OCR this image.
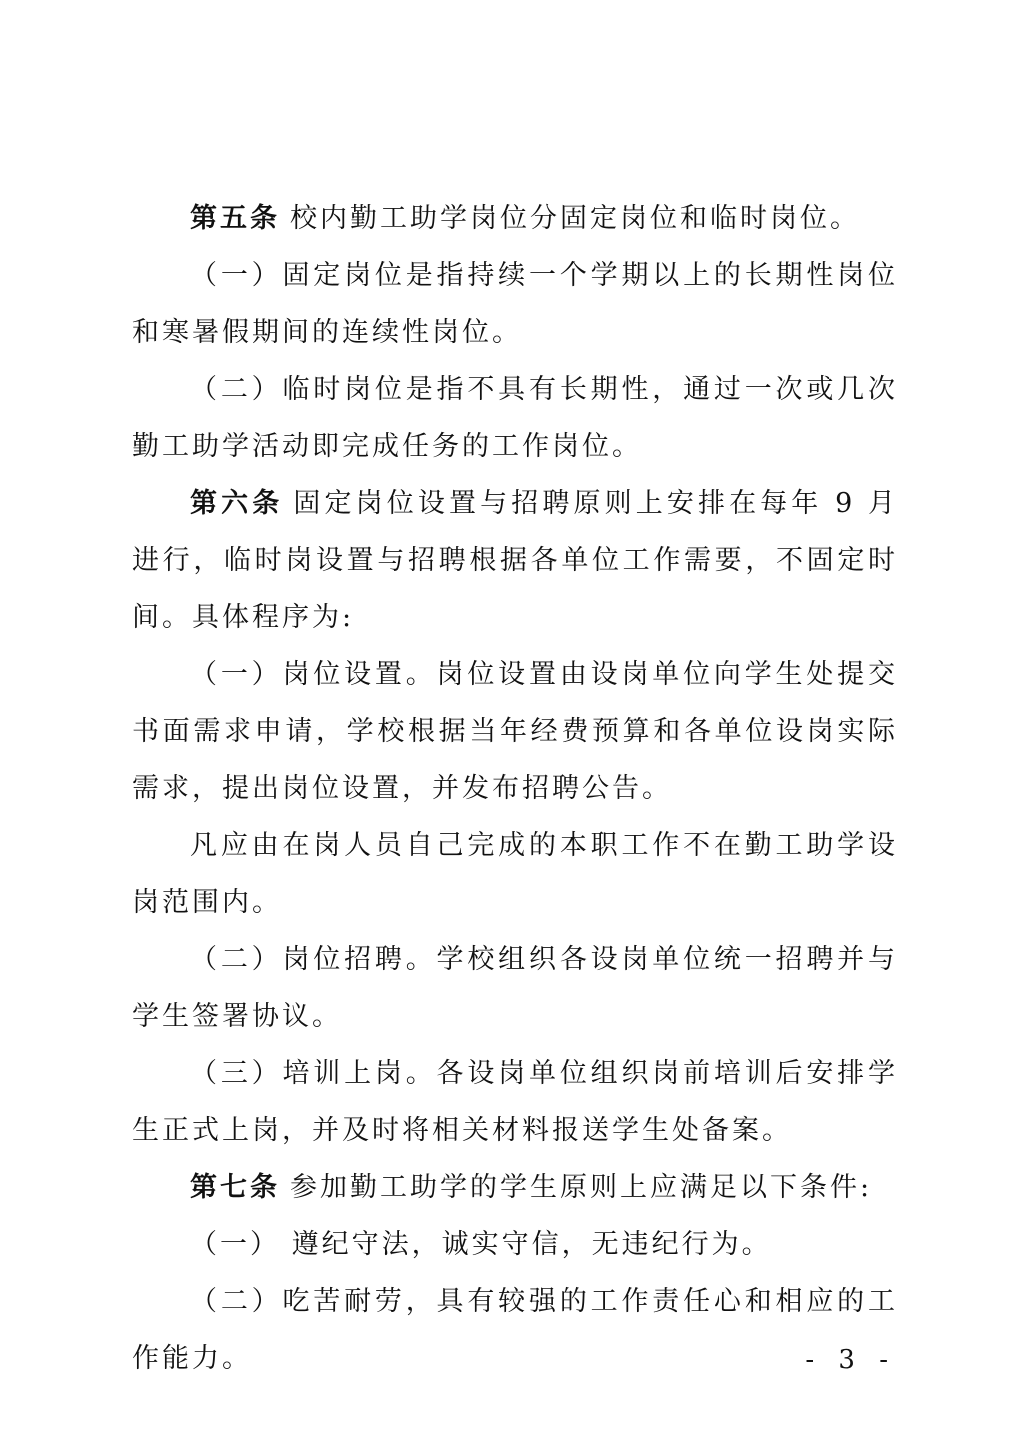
第五条 校内勤工助学岗位分固定岗位和临时岗位。

（一）固定岗位是指持续一个学期以上的长期性岗位和寒暑假期间的连续性岗位。

（二）临时岗位是指不具有长期性，通过一次或几次勤工助学活动即完成任务的工作岗位。

第六条 固定岗位设置与招聘原则上安排在每年 9 月进行，临时岗设置与招聘根据各单位工作需要，不固定时间。具体程序为:

（一）岗位设置。岗位设置由设岗单位向学生处提交书面需求申请，学校根据当年经费预算和各单位设岗实际需求，提出岗位设置，并发布招聘公告。

凡应由在岗人员自己完成的本职工作不在勤工助学设岗范围内。

（二）岗位招聘。学校组织各设岗单位统一招聘并与学生签署协议。

（三）培训上岗。各设岗单位组织岗前培训后安排学生正式上岗，并及时将相关材料报送学生处备案。

第七条 参加勤工助学的学生原则上应满足以下条件:

（一） 遵纪守法，诚实守信，无违纪行为。

（二）吃苦耐劳，具有较强的工作责任心和相应的工作能力。	- 3 -
